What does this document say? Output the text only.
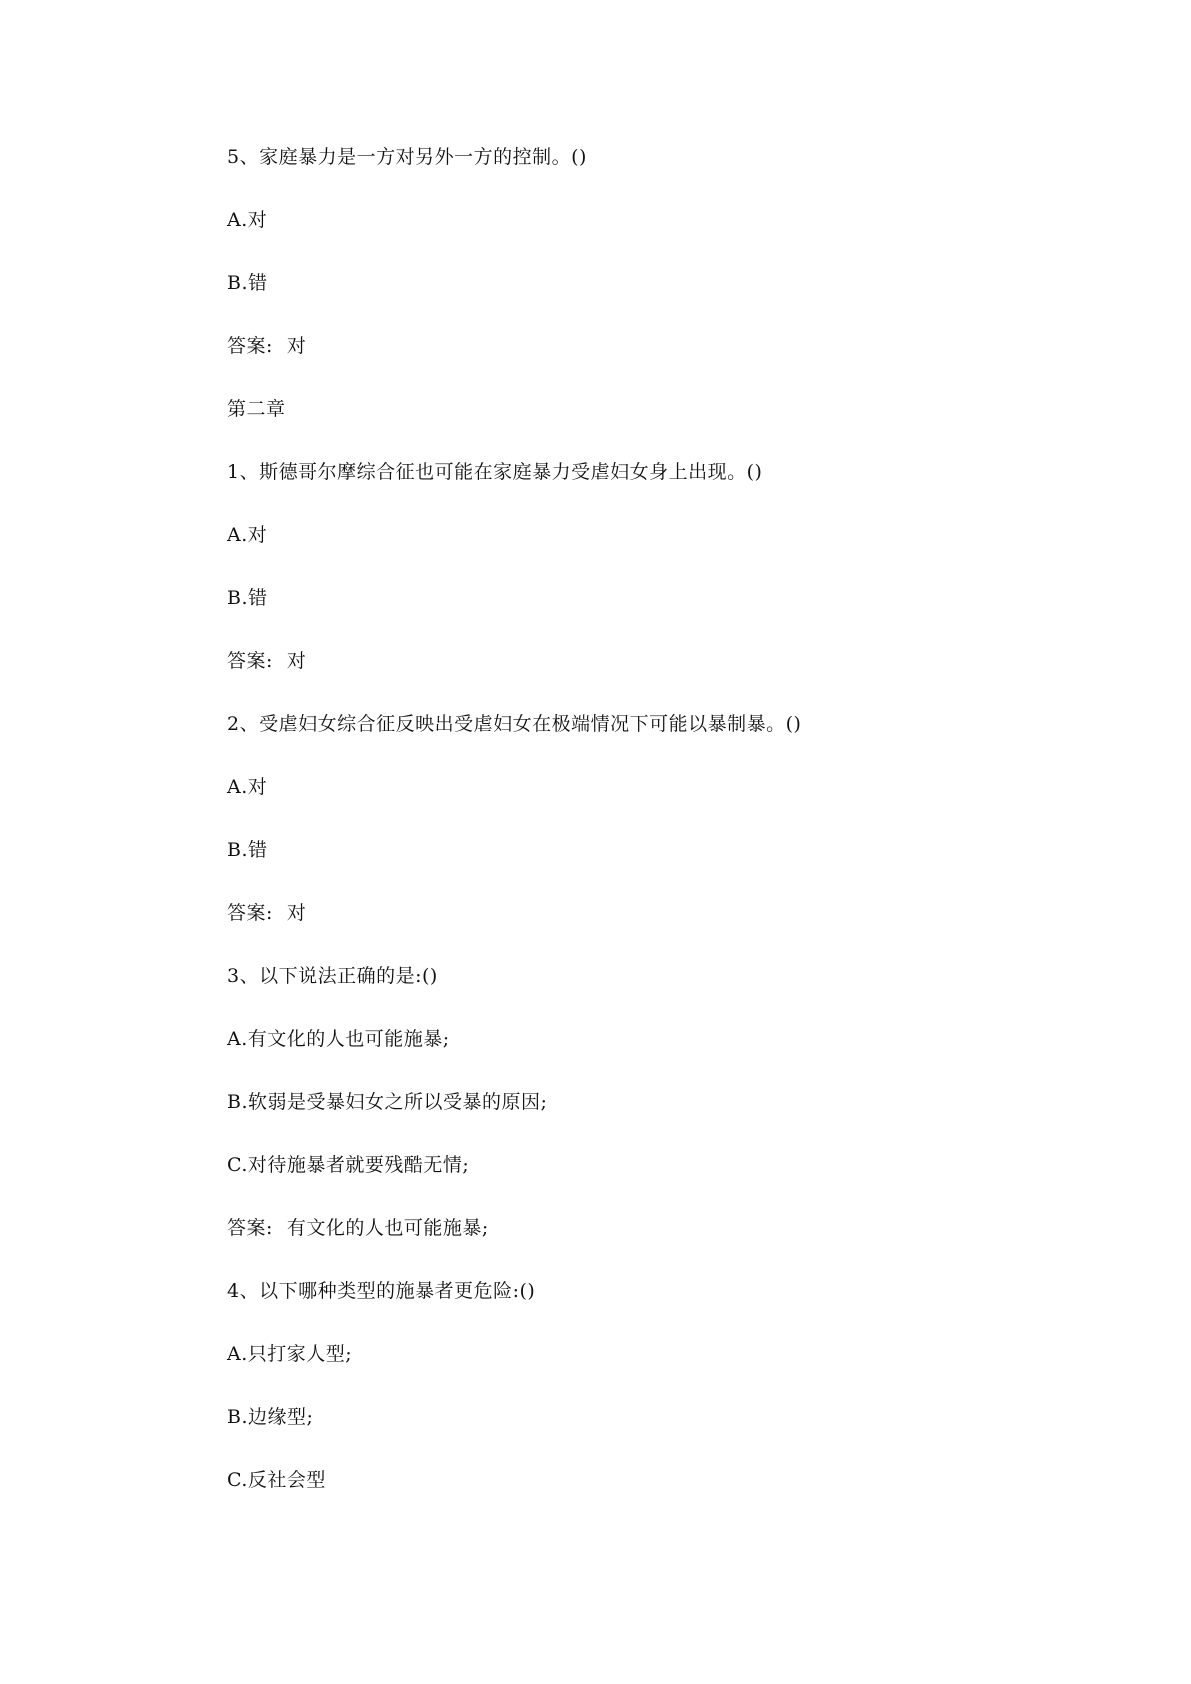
5、家庭暴力是一方对另外一方的控制。()
A.对
B.错
答案: 对
第二章
1、斯德哥尔摩综合征也可能在家庭暴力受虐妇女身上出现。()
A.对
B.错
答案: 对
2、受虐妇女综合征反映出受虐妇女在极端情况下可能以暴制暴。()
A.对
B.错
答案: 对
3、以下说法正确的是:()
A.有文化的人也可能施暴;
B.软弱是受暴妇女之所以受暴的原因;
C.对待施暴者就要残酷无情;
答案: 有文化的人也可能施暴;
4、以下哪种类型的施暴者更危险:()
A.只打家人型;
B.边缘型;
C.反社会型
